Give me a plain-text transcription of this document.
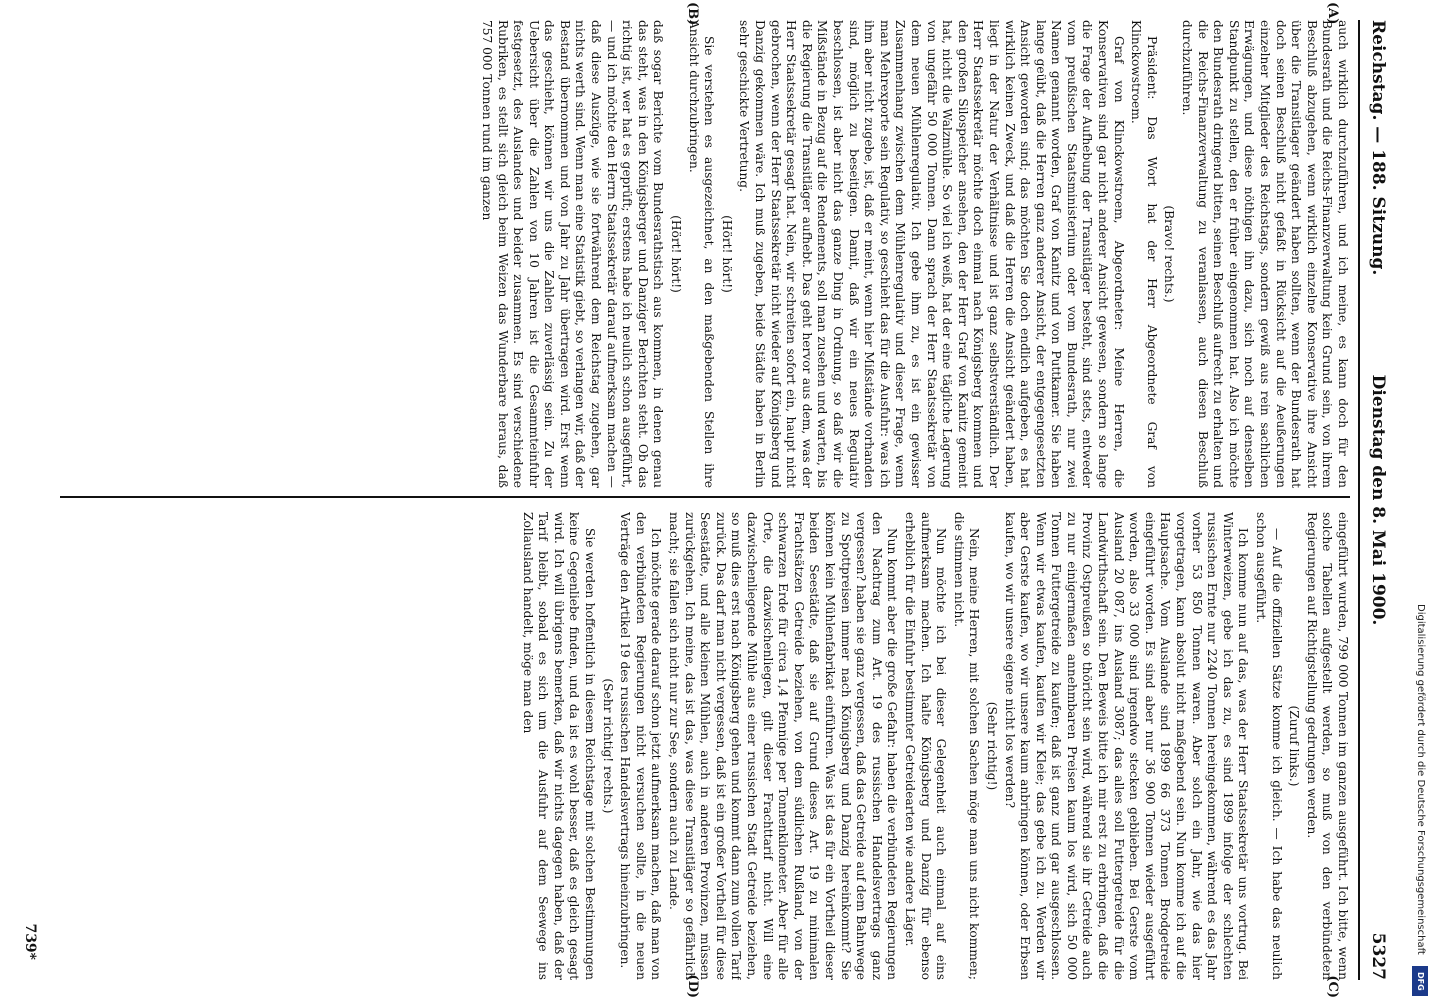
Reichstag. — 188. Sitzung.
Dienstag den 8. Mai 1900.
5327
(A)
(B)
(C)
(D)

auch wirklich durchzuführen, und ich meine, es kann doch für den Bundesrath und die Reichs-Finanzverwaltung kein Grund sein, von ihrem Beschluß abzugehen, wenn wirklich einzelne Konservative ihre Ansicht über die Transitlager geändert haben sollten, wenn der Bundesrath hat doch seinen Beschluß nicht gefaßt in Rücksicht auf die Aeußerungen einzelner Mitglieder des Reichstags, sondern gewiß aus rein sachlichen Erwägungen, und diese nöthigen ihn dazu, sich noch auf denselben Standpunkt zu stellen, den er früher eingenommen hat. Also ich möchte den Bundesrath dringend bitten, seinen Beschluß aufrecht zu erhalten und die Reichs-Finanzverwaltung zu veranlassen, auch diesen Beschluß durchzuführen.

(Bravo! rechts.)

Präsident: Das Wort hat der Herr Abgeordnete Graf von Klinckowstroem.

Graf von Klinckowstroem, Abgeordneter: Meine Herren, die Konservativen sind gar nicht anderer Ansicht gewesen, sondern so lange die Frage der Aufhebung der Transitläger besteht, sind stets, entweder vom preußischen Staatsministerium oder vom Bundesrath, nur zwei Namen genannt worden, Graf von Kanitz und von Puttkamer. Sie haben lange geübt, daß die Herren ganz anderer Ansicht, der entgegengesetzten Ansicht geworden sind; das möchten Sie doch endlich aufgeben, es hat wirklich keinen Zweck, und daß die Herren die Ansicht geändert haben, liegt in der Natur der Verhältnisse und ist ganz selbstverständlich. Der Herr Staatssekretär möchte doch einmal nach Königsberg kommen und den großen Silospeicher ansehen, den der Herr Graf von Kanitz gemeint hat, nicht die Walzmühle. So viel ich weiß, hat der eine tägliche Lagerung von ungefähr 50 000 Tonnen. Dann sprach der Herr Staatssekretär von dem neuen Mühlenregulativ. Ich gebe ihm zu, es ist ein gewisser Zusammenhang zwischen dem Mühlenregulativ und dieser Frage, wenn man Mehrexporte sein Regulativ, so geschieht das für die Ausfuhr: was ich ihm aber nicht zugebe, ist, daß er meint, wenn hier Mißstände vorhanden sind, möglich zu beseitigen. Damit, daß wir ein neues Regulativ beschlossen, ist aber nicht das ganze Ding in Ordnung, so daß wir die Mißstände in Bezug auf die Rendements, soll man zusehen und warten, bis die Regierung die Transitläger aufhebt. Das geht hervor aus dem, was der Herr Staatssekretär gesagt hat. Nein, wir schreiten sofort ein, haupt nicht gebrochen, wenn der Herr Staatssekretär nicht wieder auf Königsberg und Danzig gekommen wäre. Ich muß zugeben, beide Städte haben in Berlin sehr geschickte Vertretung.

(Hört! hört!)

Sie verstehen es ausgezeichnet, an den maßgebenden Stellen ihre Ansicht durchzubringen.

(Hört! hört!)

daß sogar Berichte vom Bundesrathstisch aus kommen, in denen genau das steht, was in den Königsberger und Danziger Berichten steht. Ob das richtig ist, wer hat es geprüft; erstens habe ich neulich schon ausgeführt, — und ich möchte den Herrn Staatssekretär darauf aufmerksam machen — daß diese Auszüge, wie sie fortwährend dem Reichstag zugehen, gar nichts werth sind. Wenn man eine Statistik giebt, so verlangen wir, daß der Bestand übernommen und von Jahr zu Jahr übertragen wird. Erst wenn das geschieht, können wir uns die Zahlen zuverlässig sein. Zu der Uebersicht über die Zahlen von 10 Jahren ist die Gesammteinfuhr festgesetzt, des Auslandes und beider zusammen. Es sind verschiedene Rubriken, es stellt sich gleich beim Weizen das Wunderbare heraus, daß 757 000 Tonnen rund im ganzen

eingeführt wurden, 799 000 Tonnen im ganzen ausgeführt. Ich bitte, wenn solche Tabellen aufgestellt werden, so muß von den verbündeten Regierungen auf Richtigstellung gedrungen werden.

(Zuruf links.)

— Auf die offiziellen Sätze komme ich gleich. — Ich habe das neulich schon ausgeführt.

Ich komme nun auf das, was der Herr Staatssekretär uns vortrug. Bei Winterweizen, gebe ich das zu, es sind 1899 infolge der schlechten russischen Ernte nur 2240 Tonnen hereingekommen, während es das Jahr vorher 53 850 Tonnen waren. Aber solch ein Jahr, wie das hier vorgetragen, kann absolut nicht maßgebend sein. Nun komme ich auf die Hauptsache. Vom Auslande sind 1899 66 373 Tonnen Brodgetreide eingeführt worden. Es sind aber nur 36 900 Tonnen wieder ausgeführt worden, also 33 000 sind irgendwo stecken geblieben. Bei Gerste vom Ausland 20 087, ins Ausland 3087; das alles soll Futtergetreide für die Landwirthschaft sein. Den Beweis bitte ich mir erst zu erbringen, daß die Provinz Ostpreußen so thöricht sein wird, während sie ihr Getreide auch zu nur einigermaßen annehmbaren Preisen kaum los wird, sich 50 000 Tonnen Futtergetreide zu kaufen; daß ist ganz und gar ausgeschlossen. Wenn wir etwas kaufen, kaufen wir Kleie; das gebe ich zu. Werden wir aber Gerste kaufen, wo wir unsere kaum anbringen können, oder Erbsen kaufen, wo wir unsere eigene nicht los werden?

(Sehr richtig!)

Nein, meine Herren, mit solchen Sachen möge man uns nicht kommen; die stimmen nicht.

Nun möchte ich bei dieser Gelegenheit auch einmal auf eins aufmerksam machen. Ich halte Königsberg und Danzig für ebenso erheblich für die Einfuhr bestimmter Getreidearten wie andere Läger.

Nun kommt aber die große Gefahr: haben die verbündeten Regierungen den Nachtrag zum Art. 19 des russischen Handelsvertrags ganz vergessen? haben sie ganz vergessen, daß das Getreide auf dem Bahnwege zu Spottpreisen immer nach Königsberg und Danzig hereinkommt? Sie können kein Mühlenfabrikat einführen. Was ist das für ein Vortheil dieser beiden Seestädte, daß sie auf Grund dieses Art. 19 zu minimalen Frachtsätzen Getreide beziehen, von dem südlichen Rußland, von der schwarzen Erde für circa 1,4 Pfennige per Tonnenkilometer. Aber für alle Orte, die dazwischenliegen, gilt dieser Frachttarif nicht. Will eine dazwischenliegende Mühle aus einer russischen Stadt Getreide beziehen, so muß dies erst nach Königsberg gehen und kommt dann zum vollen Tarif zurück. Das darf man nicht vergessen, daß ist ein großer Vortheil für diese Seestädte, und alle kleinen Mühlen, auch in anderen Provinzen, müssen zurückgehen. Ich meine, das ist das, was diese Transitläger so gefährlich macht; sie fallen sich nicht nur zur See, sondern auch zu Lande.

Ich möchte gerade darauf schon jetzt aufmerksam machen, daß man von den verbündeten Regierungen nicht versuchen sollte, in die neuen Verträge den Artikel 19 des russischen Handelsvertrags hineinzubringen.

(Sehr richtig! rechts.)

Sie werden hoffentlich in diesem Reichstage mit solchen Bestimmungen keine Gegenliebe finden, und da ist es wohl besser, daß es gleich gesagt wird. Ich will übrigens bemerken, daß wir nichts dagegen haben, daß der Tarif bleibt, sobald es sich um die Ausfuhr auf dem Seewege ins Zollausland handelt, möge man den

739*	Digitalisierung gefördert durch die Deutsche Forschungsgemeinschaft
DFG
